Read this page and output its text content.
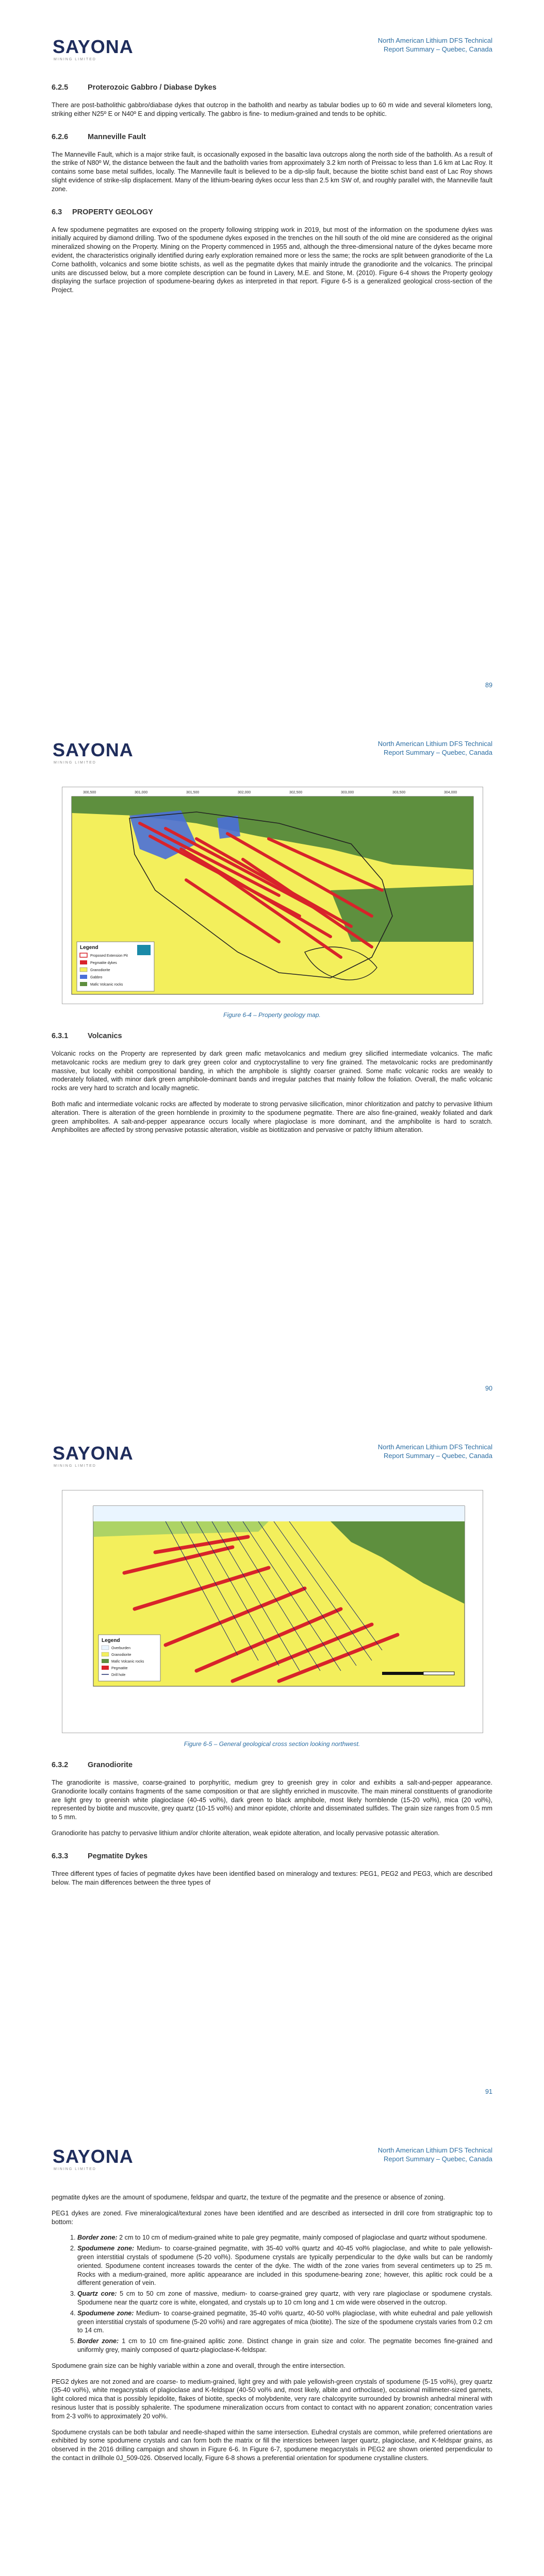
SAYONA
MINING LIMITED
North American Lithium DFS Technical
Report Summary – Quebec, Canada
6.2.5	Proterozoic Gabbro / Diabase Dykes

There are post-batholithic gabbro/diabase dykes that outcrop in the batholith and nearby as tabular bodies up to 60 m wide and several kilometers long, striking either N25º E or N40º E and dipping vertically. The gabbro is fine- to medium-grained and tends to be ophitic.

6.2.6	Manneville Fault

The Manneville Fault, which is a major strike fault, is occasionally exposed in the basaltic lava outcrops along the north side of the batholith. As a result of the strike of N80º W, the distance between the fault and the batholith varies from approximately 3.2 km north of Preissac to less than 1.6 km at Lac Roy. It contains some base metal sulfides, locally. The Manneville fault is believed to be a dip-slip fault, because the biotite schist band east of Lac Roy shows slight evidence of strike-slip displacement. Many of the lithium-bearing dykes occur less than 2.5 km SW of, and roughly parallel with, the Manneville fault zone.

6.3 PROPERTY GEOLOGY

A few spodumene pegmatites are exposed on the property following stripping work in 2019, but most of the information on the spodumene dykes was initially acquired by diamond drilling. Two of the spodumene dykes exposed in the trenches on the hill south of the old mine are considered as the original mineralized showing on the Property. Mining on the Property commenced in 1955 and, although the three-dimensional nature of the dykes became more evident, the characteristics originally identified during early exploration remained more or less the same; the rocks are split between granodiorite of the La Corne batholith, volcanics and some biotite schists, as well as the pegmatite dykes that mainly intrude the granodiorite and the volcanics. The principal units are discussed below, but a more complete description can be found in Lavery, M.E. and Stone, M. (2010). Figure 6-4 shows the Property geology displaying the surface projection of spodumene-bearing dykes as interpreted in that report. Figure 6-5 is a generalized geological cross-section of the Project.

89
SAYONA
MINING LIMITED
North American Lithium DFS Technical
Report Summary – Quebec, Canada
300,500	301,000	301,500	302,000	302,500	303,000	303,500	304,000
Legend
Proposed Extension Pit
Pegmatite dykes
Granodiorite
Gabbro
Mafic Volcanic rocks
Figure 6-4 – Property geology map.
6.3.1	Volcanics

Volcanic rocks on the Property are represented by dark green mafic metavolcanics and medium grey silicified intermediate volcanics. The mafic metavolcanic rocks are medium grey to dark grey green color and cryptocrystalline to very fine grained. The metavolcanic rocks are predominantly massive, but locally exhibit compositional banding, in which the amphibole is slightly coarser grained. Some mafic volcanic rocks are weakly to moderately foliated, with minor dark green amphibole-dominant bands and irregular patches that mainly follow the foliation. Overall, the mafic volcanic rocks are very hard to scratch and locally magnetic.

Both mafic and intermediate volcanic rocks are affected by moderate to strong pervasive silicification, minor chloritization and patchy to pervasive lithium alteration. There is alteration of the green hornblende in proximity to the spodumene pegmatite. There are also fine-grained, weakly foliated and dark green amphibolites. A salt-and-pepper appearance occurs locally where plagioclase is more dominant, and the amphibolite is hard to scratch. Amphibolites are affected by strong pervasive potassic alteration, visible as biotitization and pervasive or patchy lithium alteration.

90
SAYONA
MINING LIMITED
North American Lithium DFS Technical
Report Summary – Quebec, Canada
Legend
Overburden
Granodiorite
Mafic Volcanic rocks
Pegmatite
Drill hole
Figure 6-5 – General geological cross section looking northwest.
6.3.2	Granodiorite

The granodiorite is massive, coarse-grained to porphyritic, medium grey to greenish grey in color and exhibits a salt-and-pepper appearance. Granodiorite locally contains fragments of the same composition or that are slightly enriched in muscovite. The main mineral constituents of granodiorite are light grey to greenish white plagioclase (40-45 vol%), dark green to black amphibole, most likely hornblende (15-20 vol%), mica (20 vol%), represented by biotite and muscovite, grey quartz (10-15 vol%) and minor epidote, chlorite and disseminated sulfides. The grain size ranges from 0.5 mm to 5 mm.

Granodiorite has patchy to pervasive lithium and/or chlorite alteration, weak epidote alteration, and locally pervasive potassic alteration.

6.3.3	Pegmatite Dykes

Three different types of facies of pegmatite dykes have been identified based on mineralogy and textures: PEG1, PEG2 and PEG3, which are described below. The main differences between the three types of

91
SAYONA
MINING LIMITED
North American Lithium DFS Technical
Report Summary – Quebec, Canada

pegmatite dykes are the amount of spodumene, feldspar and quartz, the texture of the pegmatite and the presence or absence of zoning.

PEG1 dykes are zoned. Five mineralogical/textural zones have been identified and are described as intersected in drill core from stratigraphic top to bottom:

1. Border zone: 2 cm to 10 cm of medium-grained white to pale grey pegmatite, mainly composed of plagioclase and quartz without spodumene.
2. Spodumene zone: Medium- to coarse-grained pegmatite, with 35-40 vol% quartz and 40-45 vol% plagioclase, and white to pale yellowish-green interstitial crystals of spodumene (5-20 vol%). Spodumene crystals are typically perpendicular to the dyke walls but can be randomly oriented. Spodumene content increases towards the center of the dyke. The width of the zone varies from several centimeters up to 25 m. Rocks with a medium-grained, more aplitic appearance are included in this spodumene-bearing zone; however, this aplitic rock could be a different generation of vein.
3. Quartz core: 5 cm to 50 cm zone of massive, medium- to coarse-grained grey quartz, with very rare plagioclase or spodumene crystals. Spodumene near the quartz core is white, elongated, and crystals up to 10 cm long and 1 cm wide were observed in the outcrop.
4. Spodumene zone: Medium- to coarse-grained pegmatite, 35-40 vol% quartz, 40-50 vol% plagioclase, with white euhedral and pale yellowish green interstitial crystals of spodumene (5-20 vol%) and rare aggregates of mica (biotite). The size of the spodumene crystals varies from 0.2 cm to 14 cm.
5. Border zone: 1 cm to 10 cm fine-grained aplitic zone. Distinct change in grain size and color. The pegmatite becomes fine-grained and uniformly grey, mainly composed of quartz-plagioclase-K-feldspar.

Spodumene grain size can be highly variable within a zone and overall, through the entire intersection.

PEG2 dykes are not zoned and are coarse- to medium-grained, light grey and with pale yellowish-green crystals of spodumene (5-15 vol%), grey quartz (35-40 vol%), white megacrystals of plagioclase and K-feldspar (40-50 vol% and, most likely, albite and orthoclase), occasional millimeter-sized garnets, light colored mica that is possibly lepidolite, flakes of biotite, specks of molybdenite, very rare chalcopyrite surrounded by brownish anhedral mineral with resinous luster that is possibly sphalerite. The spodumene mineralization occurs from contact to contact with no apparent zonation; concentration varies from 2-3 vol% to approximately 20 vol%.

Spodumene crystals can be both tabular and needle-shaped within the same intersection. Euhedral crystals are common, while preferred orientations are exhibited by some spodumene crystals and can form both the matrix or fill the interstices between larger quartz, plagioclase, and K-feldspar grains, as observed in the 2016 drilling campaign and shown in Figure 6-6. In Figure 6-7, spodumene megacrystals in PEG2 are shown oriented perpendicular to the contact in drillhole 0J_509-026. Observed locally, Figure 6-8 shows a preferential orientation for spodumene crystalline clusters.
